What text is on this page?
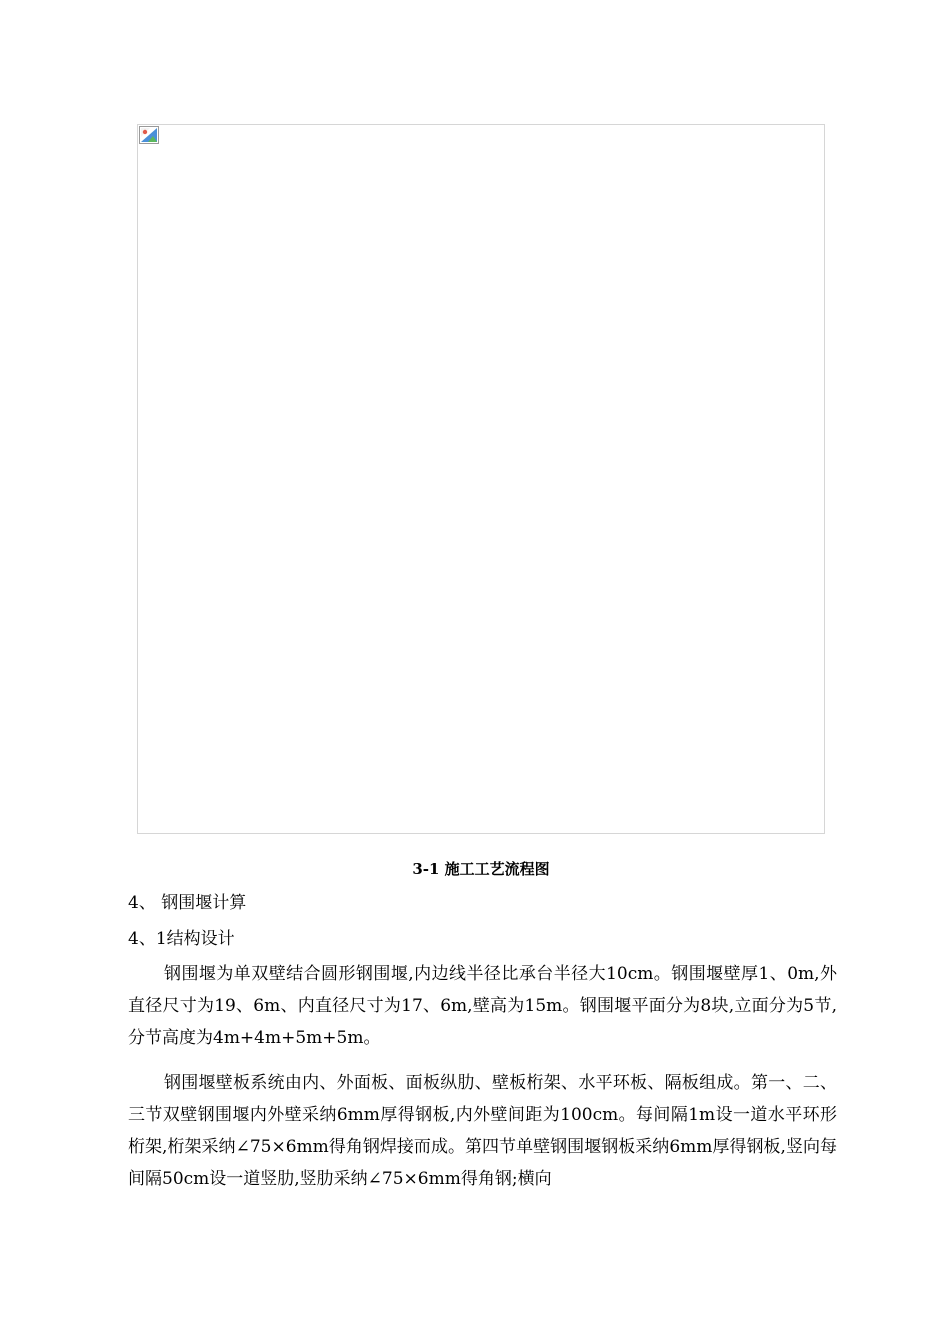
3-1 施工工艺流程图
4、 钢围堰计算
4、1结构设计

钢围堰为单双壁结合圆形钢围堰,内边线半径比承台半径大10cm。钢围堰壁厚1、0m,外直径尺寸为19、6m、内直径尺寸为17、6m,壁高为15m。钢围堰平面分为8块,立面分为5节,分节高度为4m+4m+5m+5m。

钢围堰壁板系统由内、外面板、面板纵肋、壁板桁架、水平环板、隔板组成。第一、二、三节双壁钢围堰内外壁采纳6mm厚得钢板,内外壁间距为100cm。每间隔1m设一道水平环形桁架,桁架采纳∠75×6mm得角钢焊接而成。第四节单壁钢围堰钢板采纳6mm厚得钢板,竖向每间隔50cm设一道竖肋,竖肋采纳∠75×6mm得角钢;横向
